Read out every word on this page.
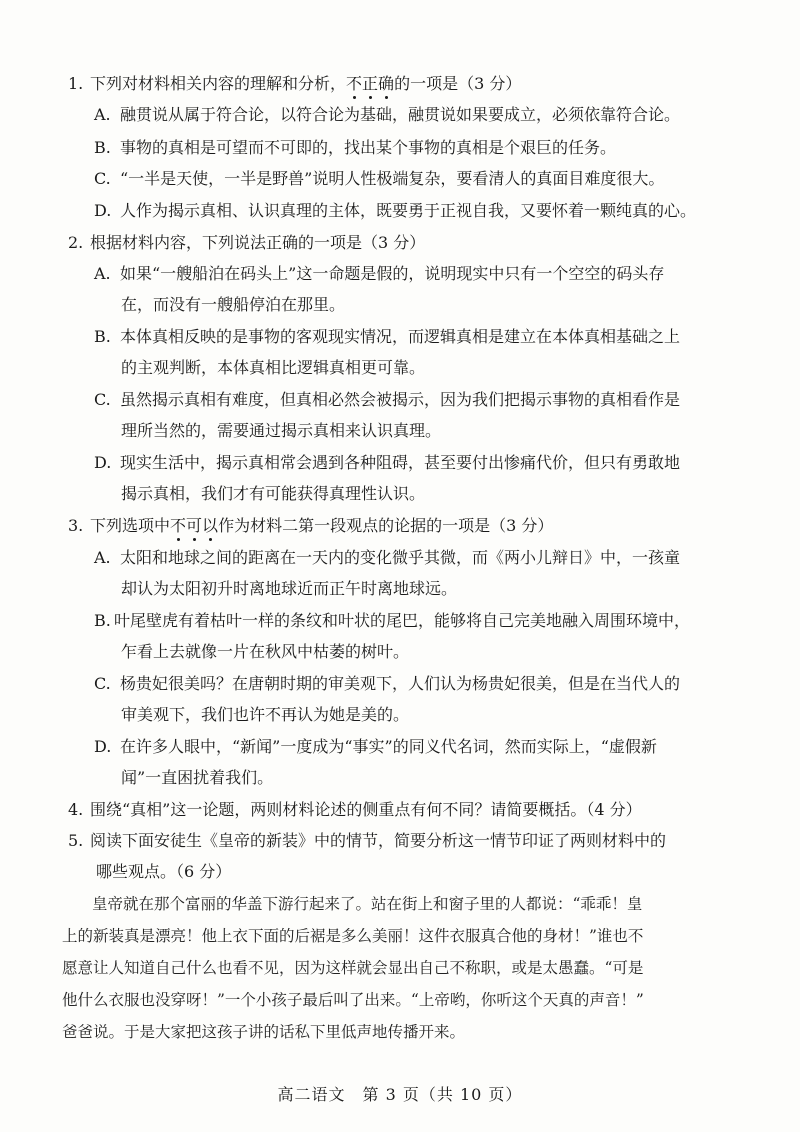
1. 下列对材料相关内容的理解和分析，不正确的一项是（3 分）
A. 融贯说从属于符合论，以符合论为基础，融贯说如果要成立，必须依靠符合论。
B. 事物的真相是可望而不可即的，找出某个事物的真相是个艰巨的任务。
C. “一半是天使，一半是野兽”说明人性极端复杂，要看清人的真面目难度很大。
D. 人作为揭示真相、认识真理的主体，既要勇于正视自我，又要怀着一颗纯真的心。
2. 根据材料内容，下列说法正确的一项是（3 分）
A. 如果“一艘船泊在码头上”这一命题是假的，说明现实中只有一个空空的码头存
在，而没有一艘船停泊在那里。
B. 本体真相反映的是事物的客观现实情况，而逻辑真相是建立在本体真相基础之上
的主观判断，本体真相比逻辑真相更可靠。
C. 虽然揭示真相有难度，但真相必然会被揭示，因为我们把揭示事物的真相看作是
理所当然的，需要通过揭示真相来认识真理。
D. 现实生活中，揭示真相常会遇到各种阻碍，甚至要付出惨痛代价，但只有勇敢地
揭示真相，我们才有可能获得真理性认识。
3. 下列选项中不可以作为材料二第一段观点的论据的一项是（3 分）
A. 太阳和地球之间的距离在一天内的变化微乎其微，而《两小儿辩日》中，一孩童
却认为太阳初升时离地球近而正午时离地球远。
B. 叶尾壁虎有着枯叶一样的条纹和叶状的尾巴，能够将自己完美地融入周围环境中，
乍看上去就像一片在秋风中枯萎的树叶。
C. 杨贵妃很美吗？在唐朝时期的审美观下，人们认为杨贵妃很美，但是在当代人的
审美观下，我们也许不再认为她是美的。
D. 在许多人眼中，“新闻”一度成为“事实”的同义代名词，然而实际上，“虚假新
闻”一直困扰着我们。
4. 围绕“真相”这一论题，两则材料论述的侧重点有何不同？请简要概括。（4 分）
5. 阅读下面安徒生《皇帝的新装》中的情节，简要分析这一情节印证了两则材料中的
哪些观点。（6 分）
皇帝就在那个富丽的华盖下游行起来了。站在街上和窗子里的人都说：“乖乖！皇
上的新装真是漂亮！他上衣下面的后裾是多么美丽！这件衣服真合他的身材！”谁也不
愿意让人知道自己什么也看不见，因为这样就会显出自己不称职，或是太愚蠢。“可是
他什么衣服也没穿呀！”一个小孩子最后叫了出来。“上帝哟，你听这个天真的声音！”
爸爸说。于是大家把这孩子讲的话私下里低声地传播开来。
高二语文　第 3 页（共 10 页）
